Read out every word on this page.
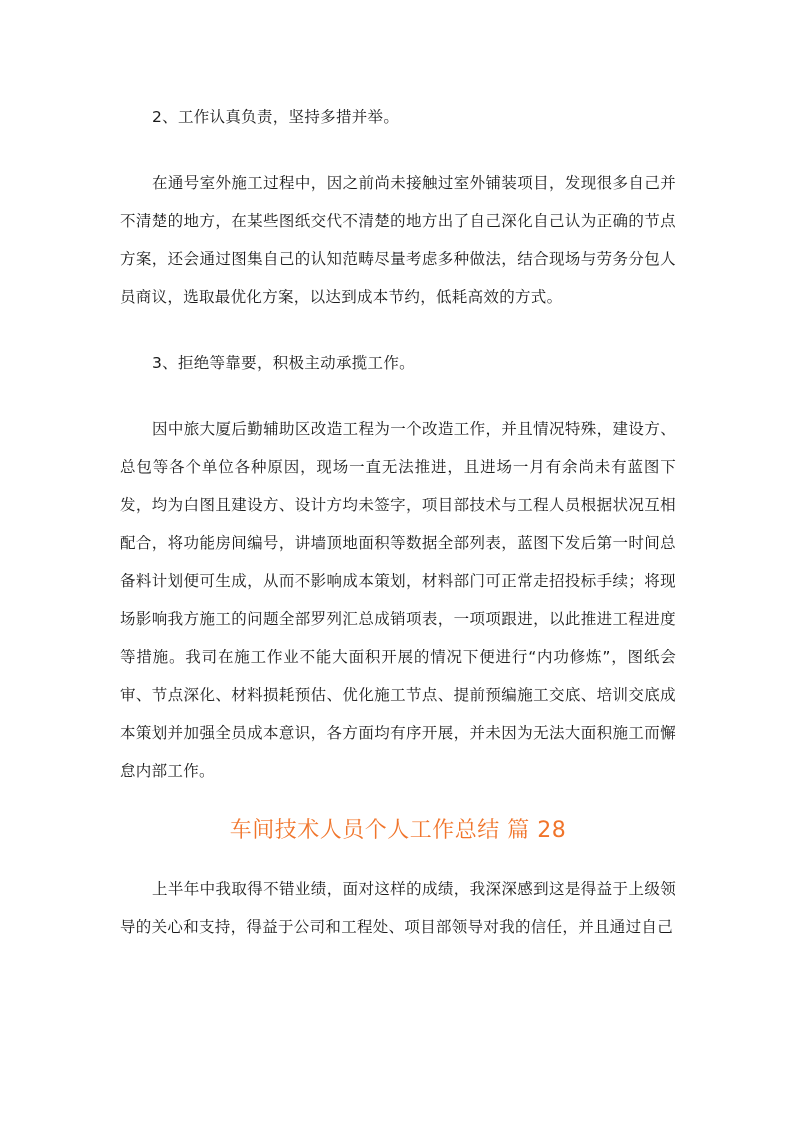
2、工作认真负责，坚持多措并举。

在通号室外施工过程中，因之前尚未接触过室外铺装项目，发现很多自己并不清楚的地方，在某些图纸交代不清楚的地方出了自己深化自己认为正确的节点方案，还会通过图集自己的认知范畴尽量考虑多种做法，结合现场与劳务分包人员商议，选取最优化方案，以达到成本节约，低耗高效的方式。

3、拒绝等靠要，积极主动承揽工作。

因中旅大厦后勤辅助区改造工程为一个改造工作，并且情况特殊，建设方、总包等各个单位各种原因，现场一直无法推进，且进场一月有余尚未有蓝图下发，均为白图且建设方、设计方均未签字，项目部技术与工程人员根据状况互相配合，将功能房间编号，讲墙顶地面积等数据全部列表，蓝图下发后第一时间总备料计划便可生成，从而不影响成本策划，材料部门可正常走招投标手续；将现场影响我方施工的问题全部罗列汇总成销项表，一项项跟进，以此推进工程进度等措施。我司在施工作业不能大面积开展的情况下便进行“内功修炼”，图纸会审、节点深化、材料损耗预估、优化施工节点、提前预编施工交底、培训交底成本策划并加强全员成本意识，各方面均有序开展，并未因为无法大面积施工而懈怠内部工作。

车间技术人员个人工作总结 篇 28

上半年中我取得不错业绩，面对这样的成绩，我深深感到这是得益于上级领导的关心和支持，得益于公司和工程处、项目部领导对我的信任，并且通过自己
